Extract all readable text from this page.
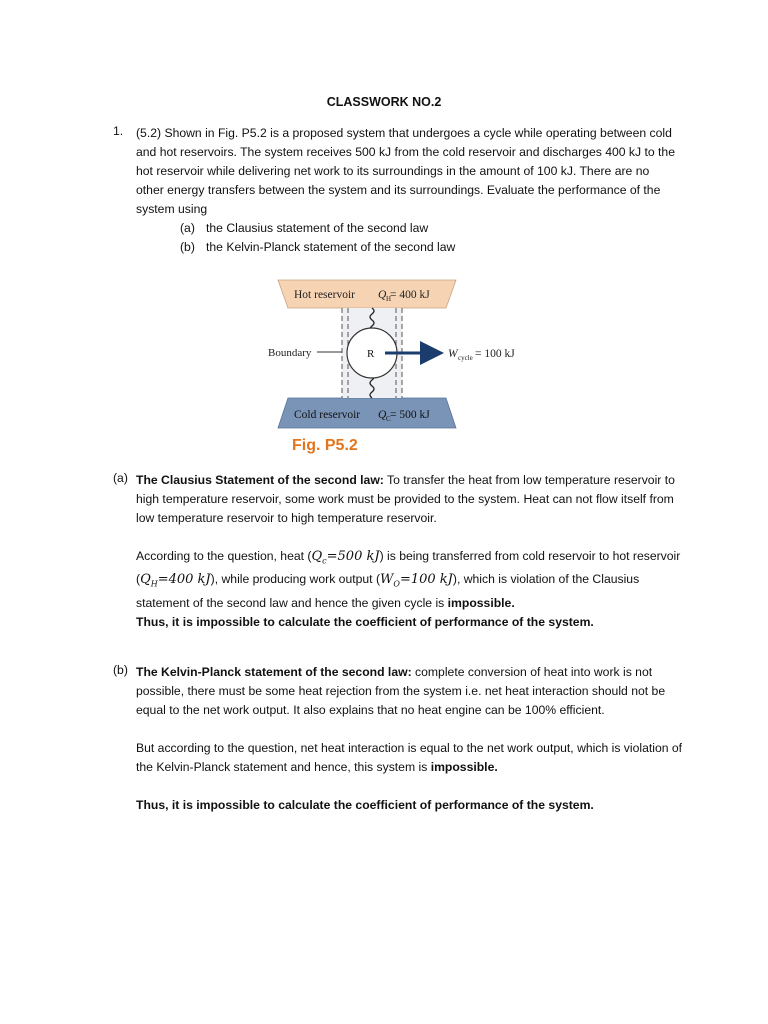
CLASSWORK NO.2
1. (5.2) Shown in Fig. P5.2 is a proposed system that undergoes a cycle while operating between cold and hot reservoirs. The system receives 500 kJ from the cold reservoir and discharges 400 kJ to the hot reservoir while delivering net work to its surroundings in the amount of 100 kJ. There are no other energy transfers between the system and its surroundings. Evaluate the performance of the system using
(a) the Clausius statement of the second law
(b) the Kelvin-Planck statement of the second law
Hot reservoir Q H
= 400 kJ
Cold reservoir Q C = 500 kJ
R
Boundary	W cycle = 100 kJ
Fig. P5.2
(a) The Clausius Statement of the second law: To transfer the heat from low temperature reservoir to high temperature reservoir, some work must be provided to the system. Heat can not flow itself from low temperature reservoir to high temperature reservoir.
According to the question, heat ($Q_c=500$ kJ) is being transferred from cold reservoir to hot reservoir ($Q_H=400$ kJ), while producing work output ($W_O=100$ kJ), which is violation of the Clausius statement of the second law and hence the given cycle is impossible.
Thus, it is impossible to calculate the coefficient of performance of the system.
(b) The Kelvin-Planck statement of the second law: complete conversion of heat into work is not possible, there must be some heat rejection from the system i.e. net heat interaction should not be equal to the net work output. It also explains that no heat engine can be 100% efficient.
But according to the question, net heat interaction is equal to the net work output, which is violation of the Kelvin-Planck statement and hence, this system is impossible.
Thus, it is impossible to calculate the coefficient of performance of the system.
